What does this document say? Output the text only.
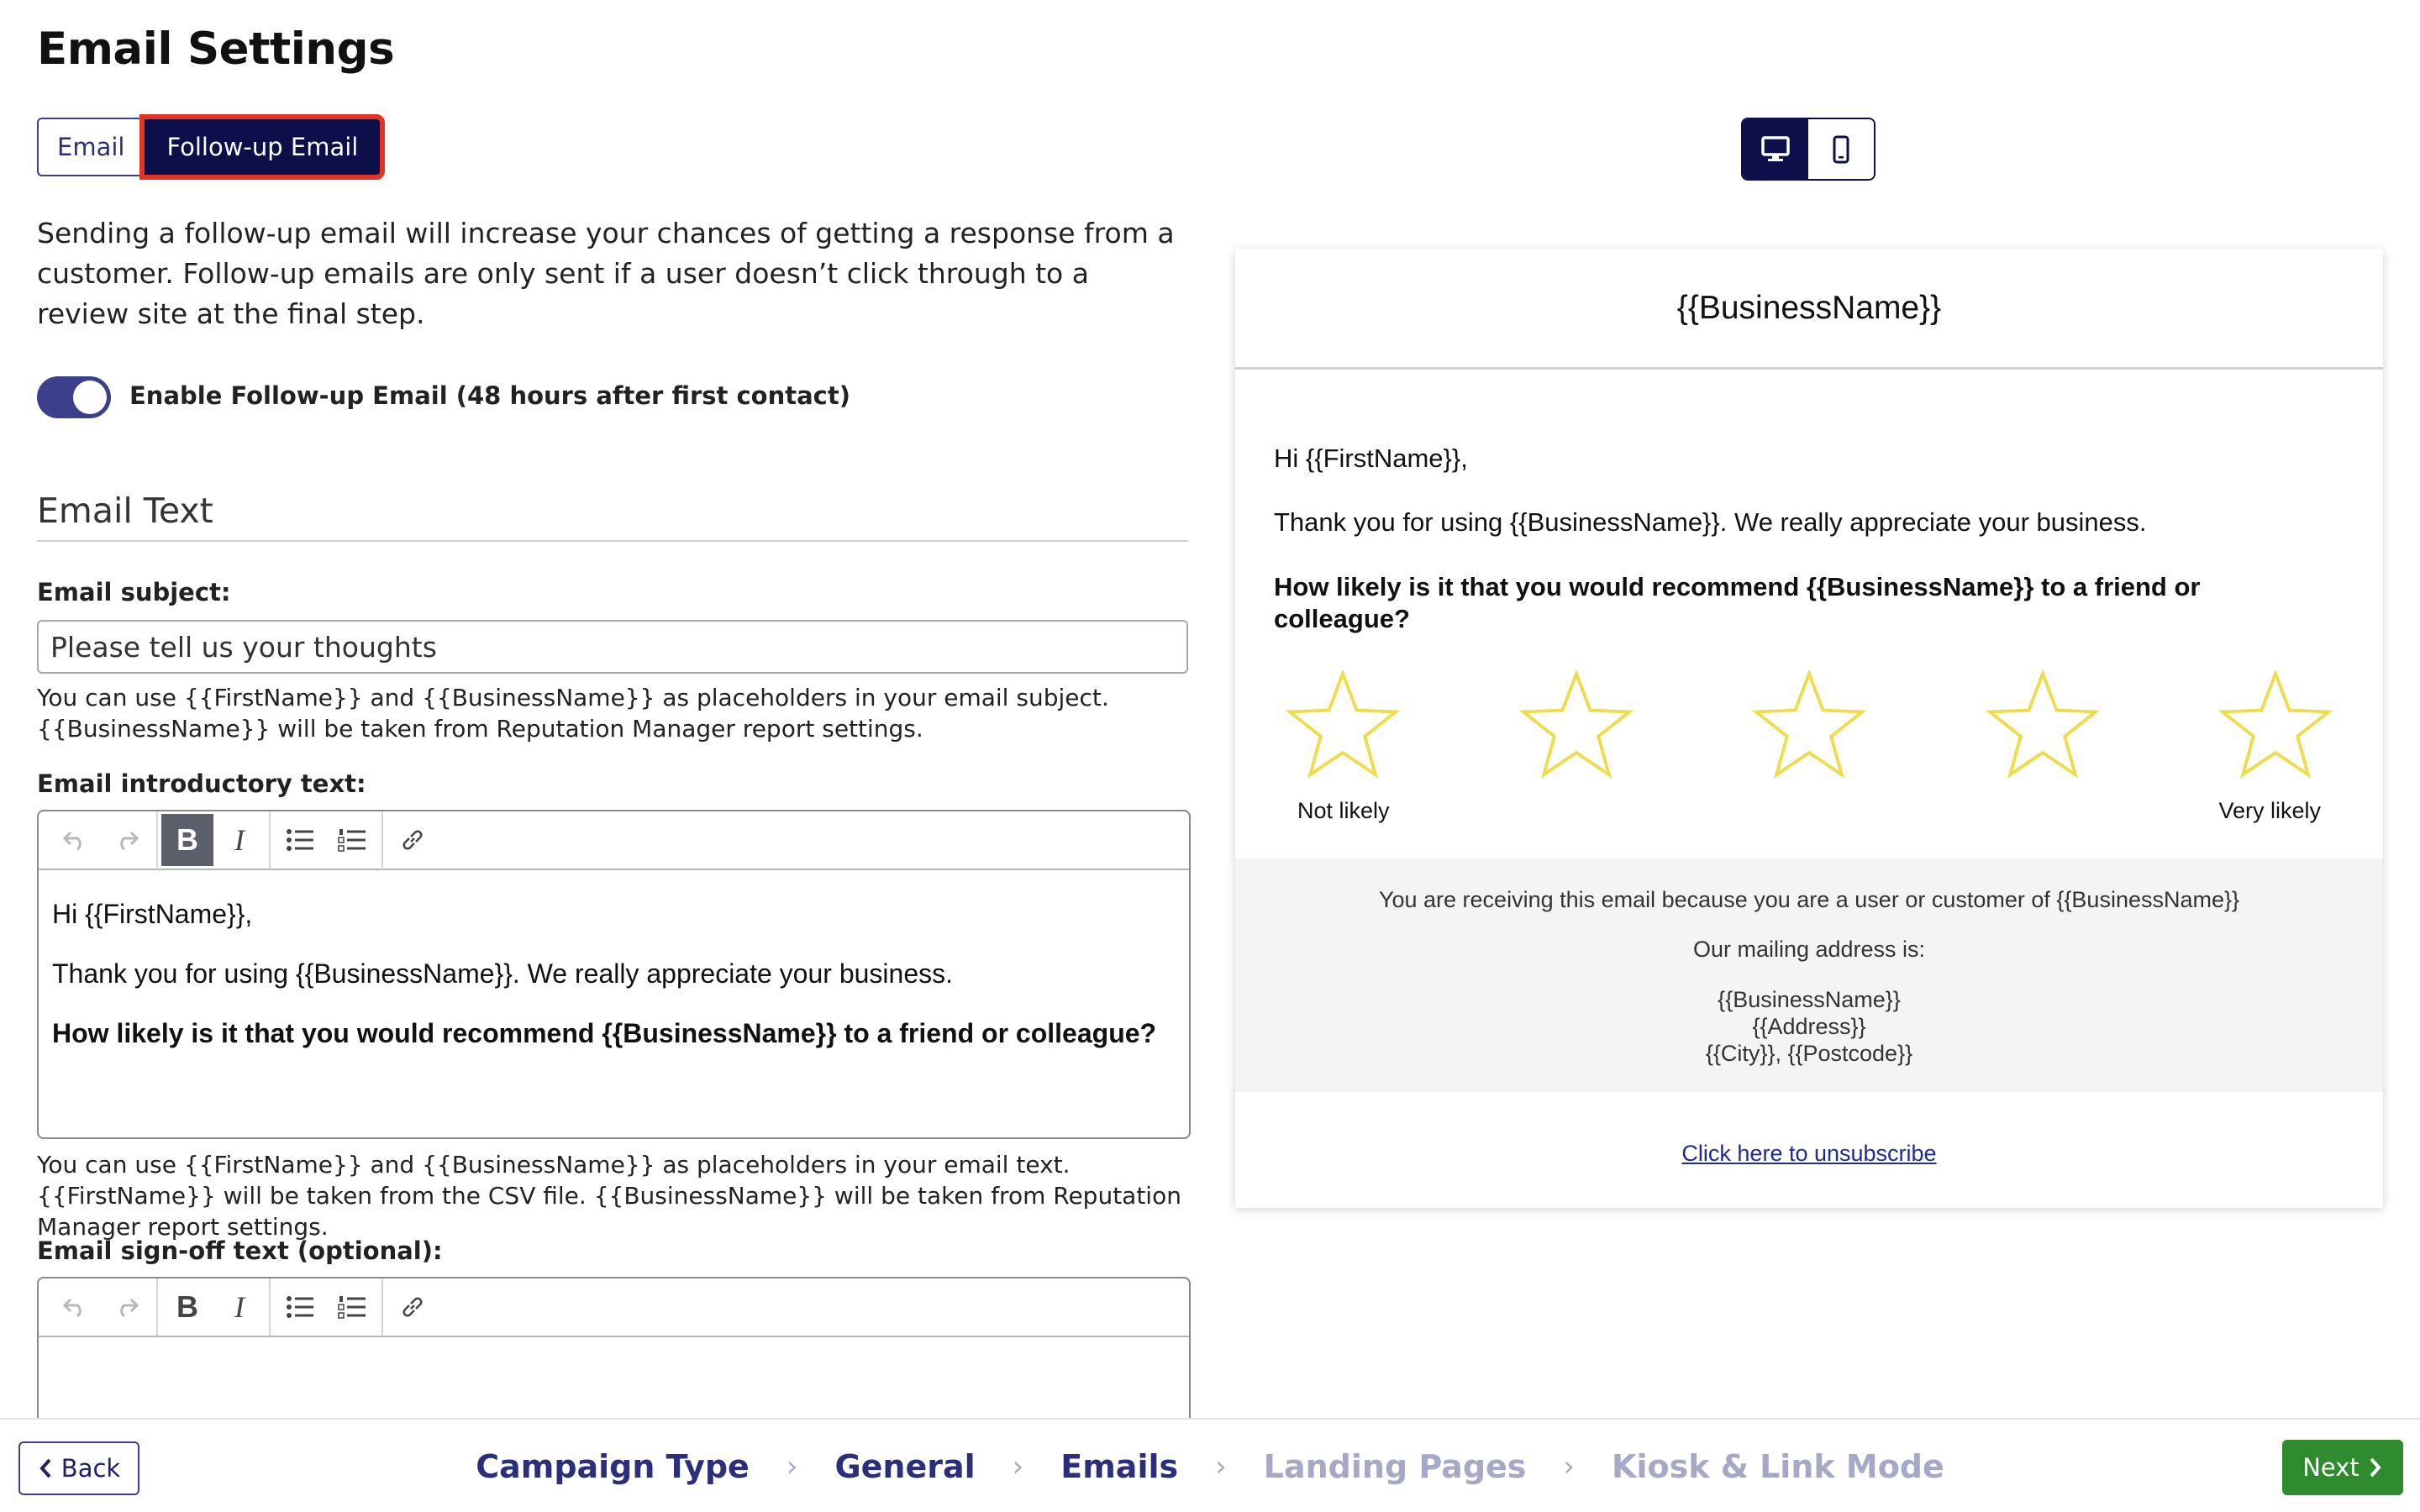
Email Settings
Email	Follow-up Email

Sending a follow-up email will increase your chances of getting a response from a customer. Follow-up emails are only sent if a user doesn’t click through to a review site at the final step.

Enable Follow-up Email (48 hours after first contact)
Email Text
Email subject:
Please tell us your thoughts
You can use {{FirstName}} and {{BusinessName}} as placeholders in your email subject. {{BusinessName}} will be taken from Reputation Manager report settings.
Email introductory text:
B I

Hi {{FirstName}},

Thank you for using {{BusinessName}}. We really appreciate your business.

How likely is it that you would recommend {{BusinessName}} to a friend or colleague?

You can use {{FirstName}} and {{BusinessName}} as placeholders in your email text. {{FirstName}} will be taken from the CSV file. {{BusinessName}} will be taken from Reputation Manager report settings.
Email sign-off text (optional):
B I
{{BusinessName}}
Hi {{FirstName}},
Thank you for using {{BusinessName}}. We really appreciate your business.
How likely is it that you would recommend {{BusinessName}} to a friend or colleague?
Not likely	Very likely
You are receiving this email because you are a user or customer of {{BusinessName}}
Our mailing address is:
{{BusinessName}}
{{Address}}
{{City}}, {{Postcode}}
Click here to unsubscribe
Campaign Type › General › Emails › Landing Pages › Kiosk & Link Mode
Back	Next
